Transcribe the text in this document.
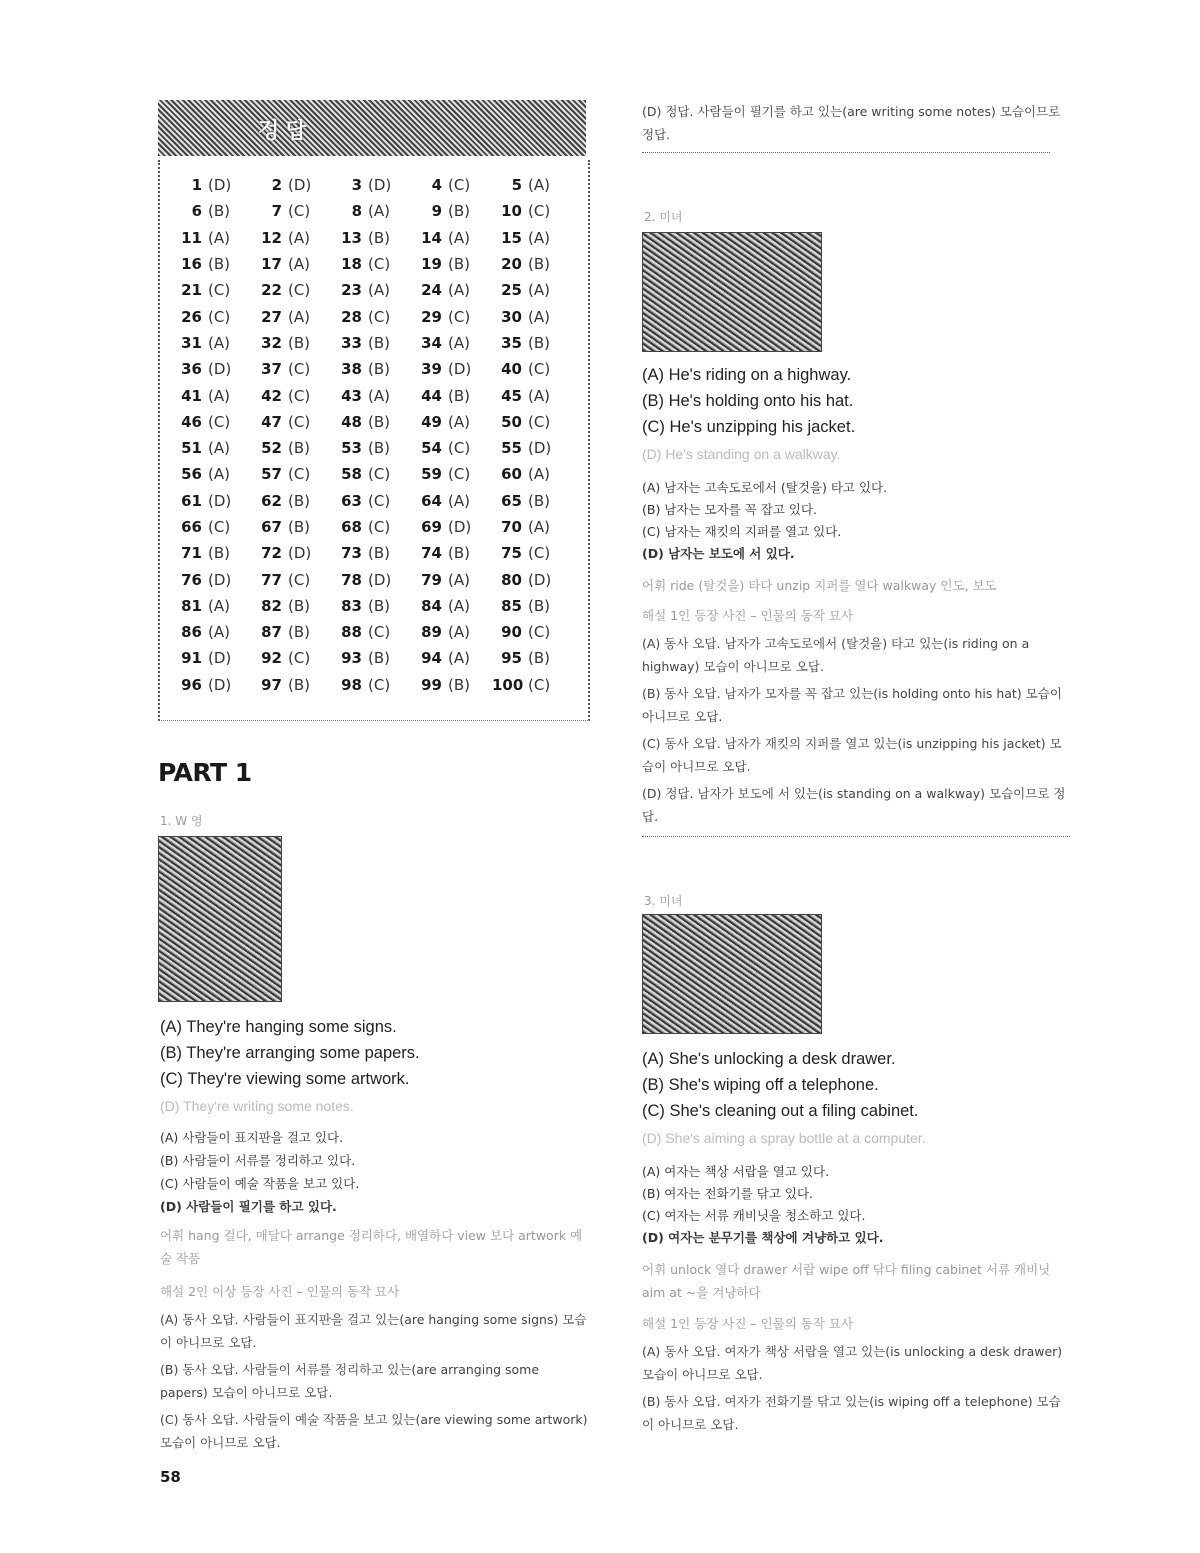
정답
1 (D)	2 (D)	3 (D)	4 (C)	5 (A)
6 (B)	7 (C)	8 (A)	9 (B)	10 (C)
11 (A)	12 (A)	13 (B)	14 (A)	15 (A)
16 (B)	17 (A)	18 (C)	19 (B)	20 (B)
21 (C)	22 (C)	23 (A)	24 (A)	25 (A)
26 (C)	27 (A)	28 (C)	29 (C)	30 (A)
31 (A)	32 (B)	33 (B)	34 (A)	35 (B)
36 (D)	37 (C)	38 (B)	39 (D)	40 (C)
41 (A)	42 (C)	43 (A)	44 (B)	45 (A)
46 (C)	47 (C)	48 (B)	49 (A)	50 (C)
51 (A)	52 (B)	53 (B)	54 (C)	55 (D)
56 (A)	57 (C)	58 (C)	59 (C)	60 (A)
61 (D)	62 (B)	63 (C)	64 (A)	65 (B)
66 (C)	67 (B)	68 (C)	69 (D)	70 (A)
71 (B)	72 (D)	73 (B)	74 (B)	75 (C)
76 (D)	77 (C)	78 (D)	79 (A)	80 (D)
81 (A)	82 (B)	83 (B)	84 (A)	85 (B)
86 (A)	87 (B)	88 (C)	89 (A)	90 (C)
91 (D)	92 (C)	93 (B)	94 (A)	95 (B)
96 (D)	97 (B)	98 (C)	99 (B) 100 (C)
PART 1
1. W 영
(A) They're hanging some signs.
(B) They're arranging some papers.
(C) They're viewing some artwork.
(D) They're writing some notes.
(A) 사람들이 표지판을 걸고 있다.
(B) 사람들이 서류를 정리하고 있다.
(C) 사람들이 예술 작품을 보고 있다.
(D) 사람들이 필기를 하고 있다.
어휘 hang 걸다, 매달다 arrange 정리하다, 배열하다 view 보다 artwork 예술 작품
해설 2인 이상 등장 사진 – 인물의 동작 묘사
(A) 동사 오답. 사람들이 표지판을 걸고 있는(are hanging some signs) 모습이 아니므로 오답.
(B) 동사 오답. 사람들이 서류를 정리하고 있는(are arranging some papers) 모습이 아니므로 오답.
(C) 동사 오답. 사람들이 예술 작품을 보고 있는(are viewing some artwork) 모습이 아니므로 오답.
58
(D) 정답. 사람들이 필기를 하고 있는(are writing some notes) 모습이므로 정답.
2. 미녀
(A) He's riding on a highway.
(B) He's holding onto his hat.
(C) He's unzipping his jacket.
(D) He's standing on a walkway.
(A) 남자는 고속도로에서 (탈것을) 타고 있다.
(B) 남자는 모자를 꼭 잡고 있다.
(C) 남자는 재킷의 지퍼를 열고 있다.
(D) 남자는 보도에 서 있다.
어휘 ride (탈것을) 타다 unzip 지퍼를 열다 walkway 인도, 보도
해설 1인 등장 사진 – 인물의 동작 묘사
(A) 동사 오답. 남자가 고속도로에서 (탈것을) 타고 있는(is riding on a highway) 모습이 아니므로 오답.
(B) 동사 오답. 남자가 모자를 꼭 잡고 있는(is holding onto his hat) 모습이 아니므로 오답.
(C) 동사 오답. 남자가 재킷의 지퍼를 열고 있는(is unzipping his jacket) 모습이 아니므로 오답.
(D) 정답. 남자가 보도에 서 있는(is standing on a walkway) 모습이므로 정답.
3. 미녀
(A) She's unlocking a desk drawer.
(B) She's wiping off a telephone.
(C) She's cleaning out a filing cabinet.
(D) She's aiming a spray bottle at a computer.
(A) 여자는 책상 서랍을 열고 있다.
(B) 여자는 전화기를 닦고 있다.
(C) 여자는 서류 캐비닛을 청소하고 있다.
(D) 여자는 분무기를 책상에 겨냥하고 있다.
어휘 unlock 열다 drawer 서랍 wipe off 닦다 filing cabinet 서류 캐비닛 aim at ~을 겨냥하다
해설 1인 등장 사진 – 인물의 동작 묘사
(A) 동사 오답. 여자가 책상 서랍을 열고 있는(is unlocking a desk drawer) 모습이 아니므로 오답.
(B) 동사 오답. 여자가 전화기를 닦고 있는(is wiping off a telephone) 모습이 아니므로 오답.
